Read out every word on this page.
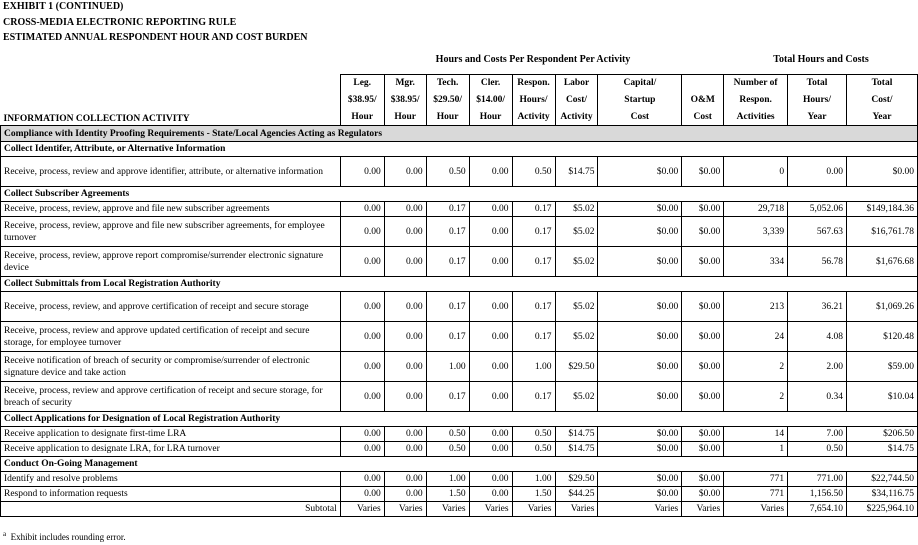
EXHIBIT 1 (CONTINUED)
CROSS-MEDIA ELECTRONIC REPORTING RULE
ESTIMATED ANNUAL RESPONDENT HOUR AND COST BURDEN
Hours and Costs Per Respondent Per Activity	Total Hours and Costs
	Leg.	Mgr.	Tech.	Cler.	Respon.	Labor	Capital/		Number of	Total	Total
	$38.95/	$38.95/	$29.50/	$14.00/	Hours/	Cost/	Startup	O&M	Respon.	Hours/	Cost/
INFORMATION COLLECTION ACTIVITY	Hour	Hour	Hour	Hour	Activity	Activity	Cost	Cost	Activities	Year	Year
Compliance with Identity Proofing Requirements - State/Local Agencies Acting as Regulators											
Collect Identifer, Attribute, or Alternative Information											
Receive, process, review and approve identifier, attribute, or alternative information	0.00	0.00	0.50	0.00	0.50	$14.75	$0.00	$0.00	0	0.00	$0.00
Collect Subscriber Agreements											
Receive, process, review, approve and file new subscriber agreements	0.00	0.00	0.17	0.00	0.17	$5.02	$0.00	$0.00	29,718	5,052.06	$149,184.36
Receive, process, review, approve and file new subscriber agreements, for employee turnover	0.00	0.00	0.17	0.00	0.17	$5.02	$0.00	$0.00	3,339	567.63	$16,761.78
Receive, process, review, approve report compromise/surrender electronic signature device	0.00	0.00	0.17	0.00	0.17	$5.02	$0.00	$0.00	334	56.78	$1,676.68
Collect Submittals from Local Registration Authority											
Receive, process, review, and approve certification of receipt and secure storage	0.00	0.00	0.17	0.00	0.17	$5.02	$0.00	$0.00	213	36.21	$1,069.26
Receive, process, review and approve updated certification of receipt and secure storage, for employee turnover	0.00	0.00	0.17	0.00	0.17	$5.02	$0.00	$0.00	24	4.08	$120.48
Receive notification of breach of security or compromise/surrender of electronic signature device and take action	0.00	0.00	1.00	0.00	1.00	$29.50	$0.00	$0.00	2	2.00	$59.00
Receive, process, review and approve certification of receipt and secure storage, for breach of security	0.00	0.00	0.17	0.00	0.17	$5.02	$0.00	$0.00	2	0.34	$10.04
Collect Applications for Designation of Local Registration Authority											
Receive application to designate first-time LRA	0.00	0.00	0.50	0.00	0.50	$14.75	$0.00	$0.00	14	7.00	$206.50
Receive application to designate LRA, for LRA turnover	0.00	0.00	0.50	0.00	0.50	$14.75	$0.00	$0.00	1	0.50	$14.75
Conduct On-Going Management											
Identify and resolve problems	0.00	0.00	1.00	0.00	1.00	$29.50	$0.00	$0.00	771	771.00	$22,744.50
Respond to information requests	0.00	0.00	1.50	0.00	1.50	$44.25	$0.00	$0.00	771	1,156.50	$34,116.75
Subtotal	Varies	Varies	Varies	Varies	Varies	Varies	Varies	Varies	Varies	7,654.10	$225,964.10
$^a$ Exhibit includes rounding error.
